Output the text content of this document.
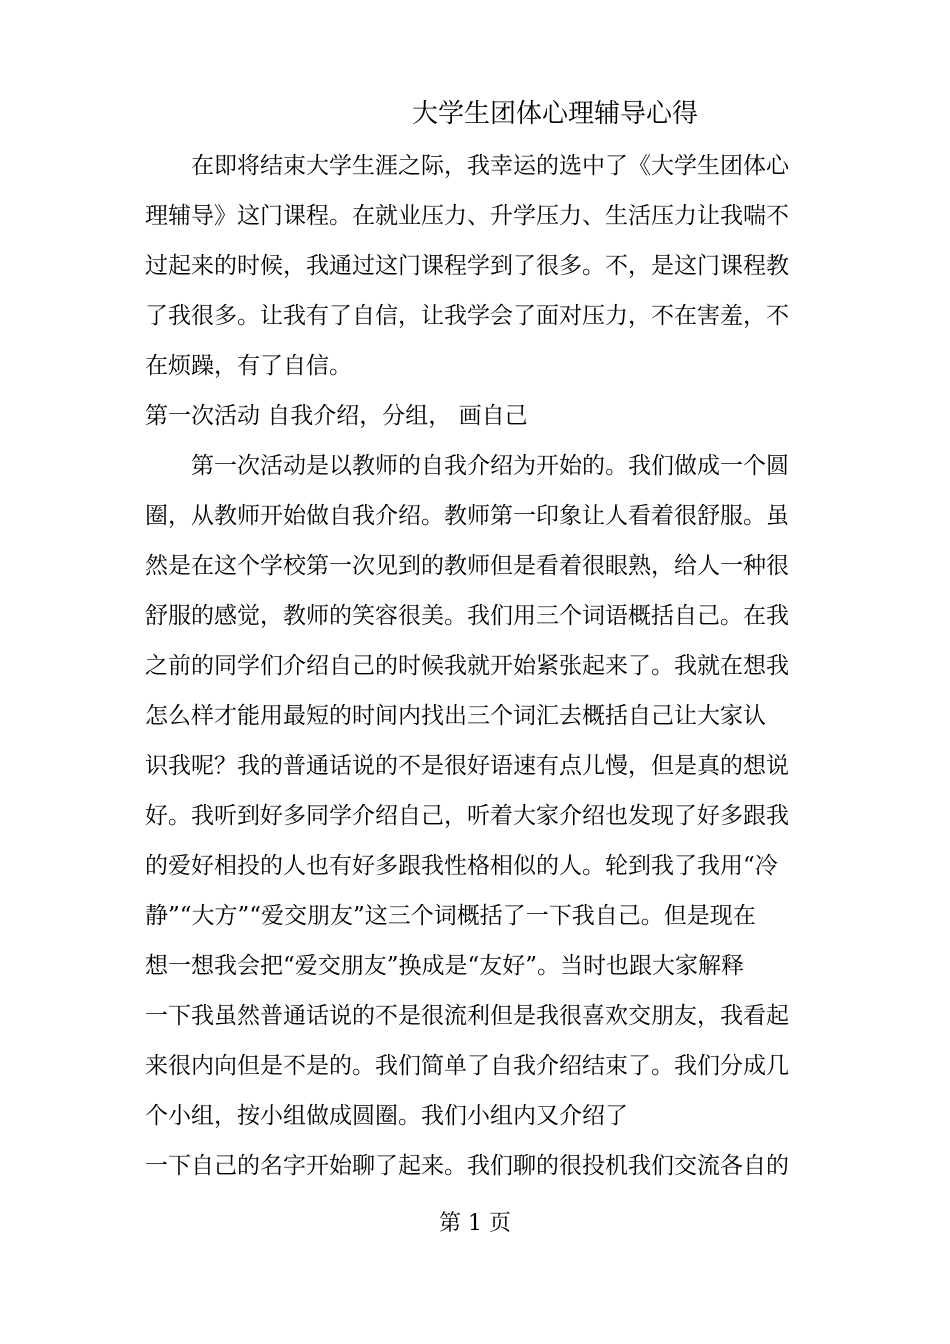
大学生团体心理辅导心得
　　在即将结束大学生涯之际，我幸运的选中了《大学生团体心
理辅导》这门课程。在就业压力、升学压力、生活压力让我喘不
过起来的时候，我通过这门课程学到了很多。不，是这门课程教
了我很多。让我有了自信，让我学会了面对压力，不在害羞，不
在烦躁，有了自信。
第一次活动 自我介绍，分组， 画自己
　　第一次活动是以教师的自我介绍为开始的。我们做成一个圆
圈，从教师开始做自我介绍。教师第一印象让人看着很舒服。虽
然是在这个学校第一次见到的教师但是看着很眼熟，给人一种很
舒服的感觉，教师的笑容很美。我们用三个词语概括自己。在我
之前的同学们介绍自己的时候我就开始紧张起来了。我就在想我
怎么样才能用最短的时间内找出三个词汇去概括自己让大家认
识我呢？我的普通话说的不是很好语速有点儿慢，但是真的想说
好。我听到好多同学介绍自己，听着大家介绍也发现了好多跟我
的爱好相投的人也有好多跟我性格相似的人。轮到我了我用“冷
静”“大方”“爱交朋友”这三个词概括了一下我自己。但是现在
想一想我会把“爱交朋友”换成是“友好”。当时也跟大家解释
一下我虽然普通话说的不是很流利但是我很喜欢交朋友，我看起
来很内向但是不是的。我们简单了自我介绍结束了。我们分成几
个小组，按小组做成圆圈。我们小组内又介绍了
一下自己的名字开始聊了起来。我们聊的很投机我们交流各自的
第 1 页
